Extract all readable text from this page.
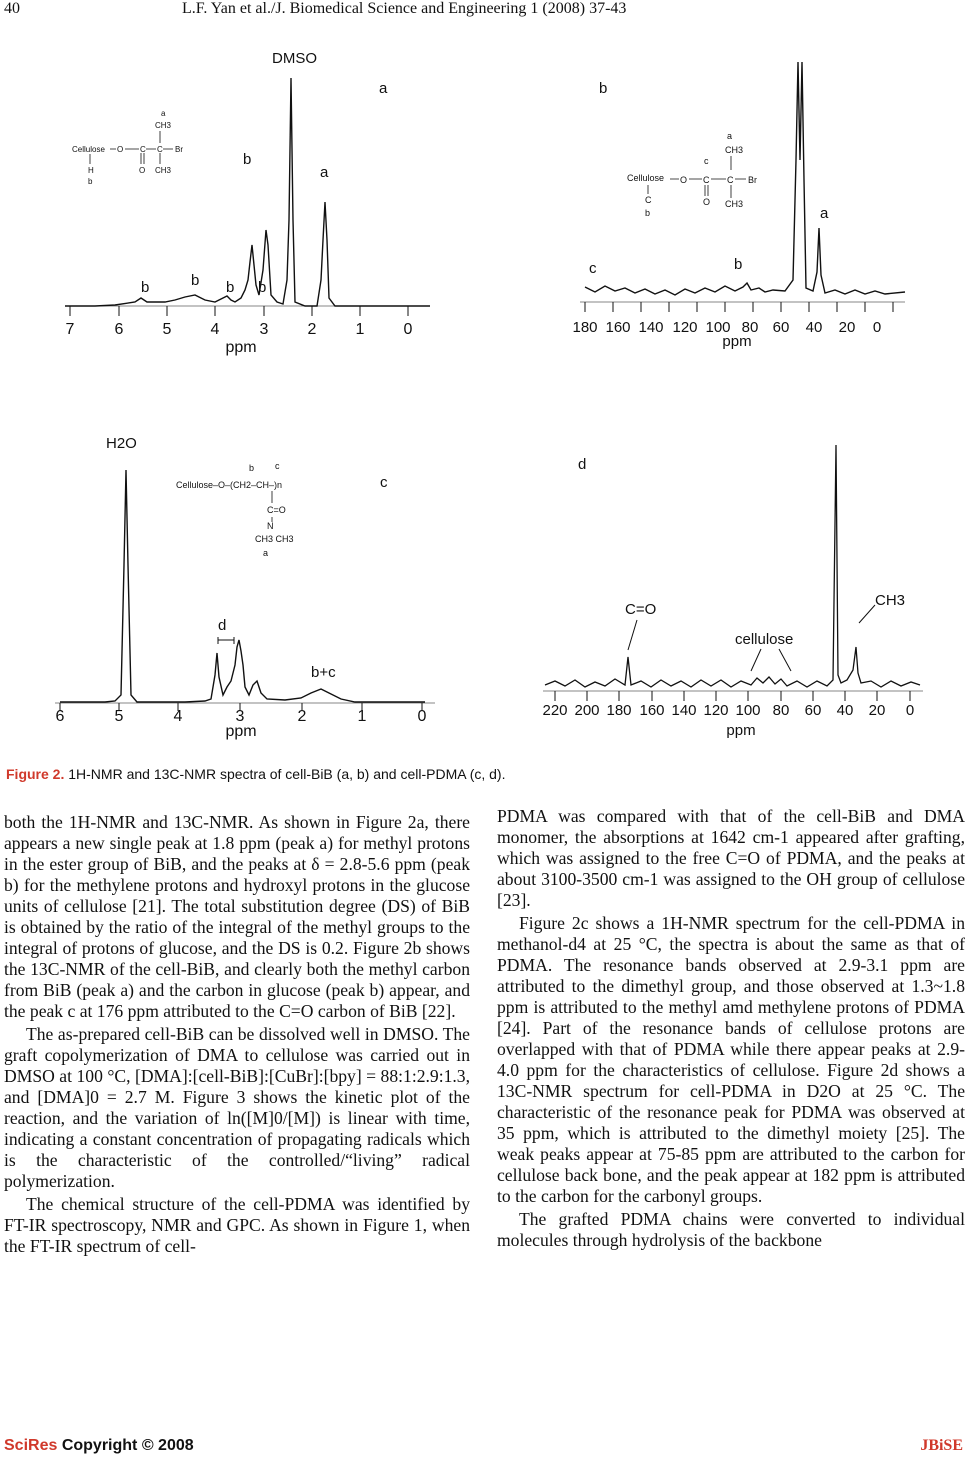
40	L.F. Yan et al./J. Biomedical Science and Engineering 1 (2008) 37-43
DMSO
a
a
b
b	b b b
a
CH3
Cellulose O C C Br
O CH3
H
b
7	6 5 4	3 2 1 0
ppm
b
a
b
c
a
CH3
c
Cellulose O C C Br
O CH3
C
b
180 160 140 120 100 80 60 40 20 0
ppm
H2O
c
d
b+c
b c
Cellulose–O–(CH2–CH–)n
C=O
N
CH3 CH3
a
6	5	4	3	2	1	0
ppm
d
C=O
cellulose
CH3
220 200 180 160 140 120 100 80 60 40 20 0
ppm
Figure 2. 1H-NMR and 13C-NMR spectra of cell-BiB (a, b) and cell-PDMA (c, d).

both the 1H-NMR and 13C-NMR. As shown in Figure 2a, there appears a new single peak at 1.8 ppm (peak a) for methyl protons in the ester group of BiB, and the peaks at δ = 2.8-5.6 ppm (peak b) for the methylene protons and hydroxyl protons in the glucose units of cellulose [21]. The total substitution degree (DS) of BiB is obtained by the ratio of the integral of the methyl groups to the integral of protons of glucose, and the DS is 0.2. Figure 2b shows the 13C-NMR of the cell-BiB, and clearly both the methyl carbon from BiB (peak a) and the carbon in glucose (peak b) appear, and the peak c at 176 ppm attributed to the C=O carbon of BiB [22].

The as-prepared cell-BiB can be dissolved well in DMSO. The graft copolymerization of DMA to cellulose was carried out in DMSO at 100 °C, [DMA]:[cell-BiB]:[CuBr]:[bpy] = 88:1:2.9:1.3, and [DMA]0 = 2.7 M. Figure 3 shows the kinetic plot of the reaction, and the variation of ln([M]0/[M]) is linear with time, indicating a constant concentration of propagating radicals which is the characteristic of the controlled/“living” radical polymerization.

The chemical structure of the cell-PDMA was identified by FT-IR spectroscopy, NMR and GPC. As shown in Figure 1, when the FT-IR spectrum of cell-

PDMA was compared with that of the cell-BiB and DMA monomer, the absorptions at 1642 cm-1 appeared after grafting, which was assigned to the free C=O of PDMA, and the peaks at about 3100-3500 cm-1 was assigned to the OH group of cellulose [23].

Figure 2c shows a 1H-NMR spectrum for the cell-PDMA in methanol-d4 at 25 °C, the spectra is about the same as that of PDMA. The resonance bands observed at 2.9-3.1 ppm are attributed to the dimethyl group, and those observed at 1.3~1.8 ppm is attributed to the methyl amd methylene protons of PDMA [24]. Part of the resonance bands of cellulose protons are overlapped with that of PDMA while there appear peaks at 2.9-4.0 ppm for the characteristics of cellulose. Figure 2d shows a 13C-NMR spectrum for cell-PDMA in D2O at 25 °C. The characteristic of the resonance peak for PDMA was observed at 35 ppm, which is attributed to the dimethyl moiety [25]. The weak peaks appear at 75-85 ppm are attributed to the carbon for cellulose back bone, and the peak appear at 182 ppm is attributed to the carbon for the carbonyl groups.

The grafted PDMA chains were converted to individual molecules through hydrolysis of the backbone

SciRes Copyright © 2008	JBiSE
